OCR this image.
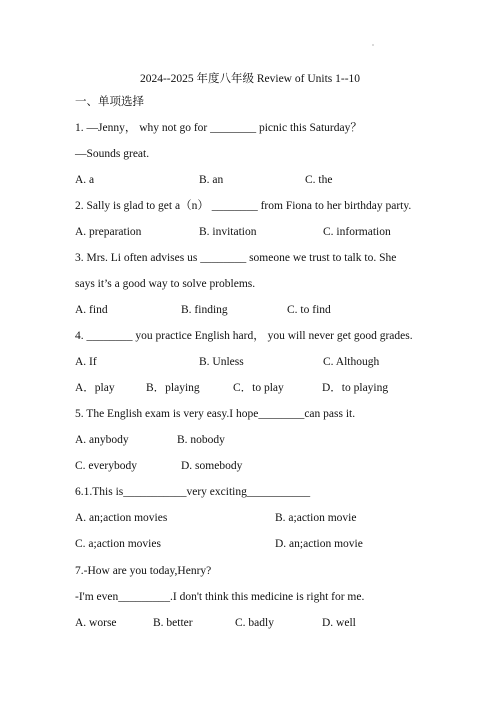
2024--2025 年度八年级 Review of Units 1--10
一、单项选择
1. —Jenny， why not go for ________ picnic this Saturday？
—Sounds great.
A. a	B. an	C. the
2. Sally is glad to get a（n） ________ from Fiona to her birthday party.
A. preparation	B. invitation	C. information
3. Mrs. Li often advises us ________ someone we trust to talk to. She
says it’s a good way to solve problems.
A. find	B. finding	C. to find
4. ________ you practice English hard， you will never get good grades.
A. If	B. Unless	C. Although
A．play	B．playing	C．to play	D．to playing
5. The English exam is very easy.I hope________can pass it.
A. anybody	B. nobody
C. everybody	D. somebody
6.1.This is___________very exciting___________
A. an;action movies	B. a;action movie
C. a;action movies	D. an;action movie
7.-How are you today,Henry?
-I'm even_________.I don't think this medicine is right for me.
A. worse	B. better	C. badly	D. well
